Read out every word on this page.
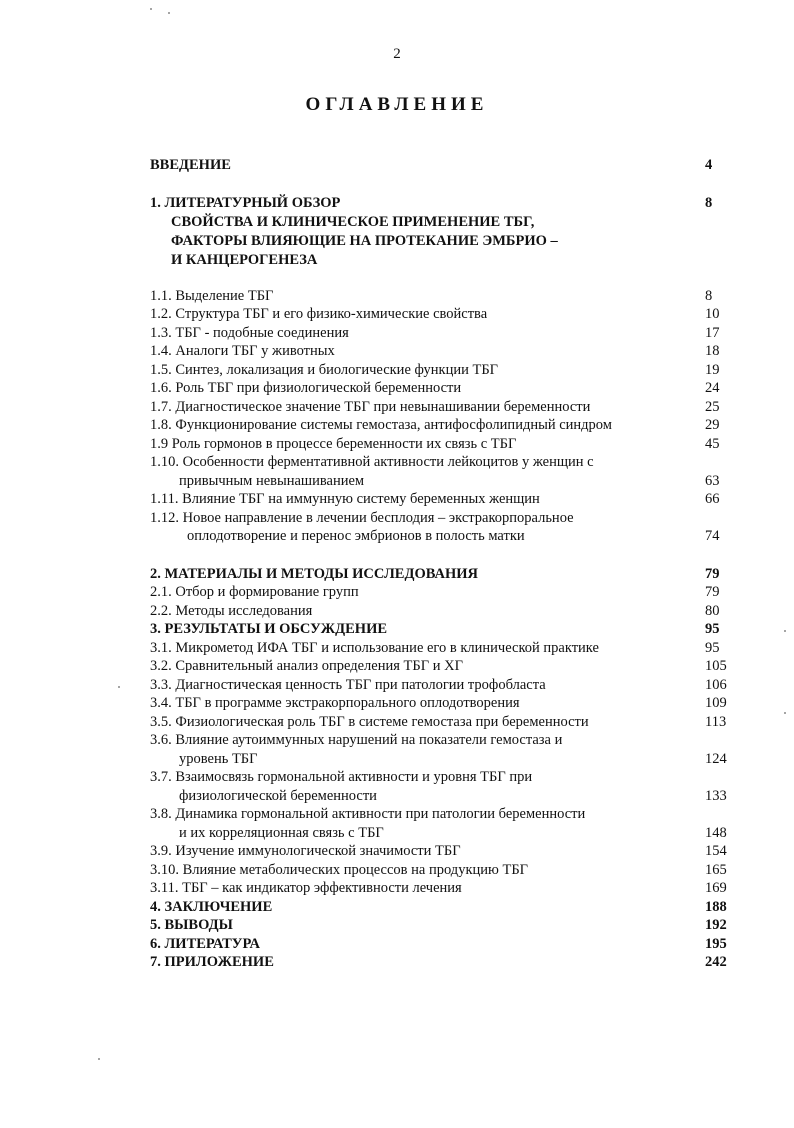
2
ОГЛАВЛЕНИЕ
ВВЕДЕНИЕ	4
1. ЛИТЕРАТУРНЫЙ ОБЗОР	8
СВОЙСТВА И КЛИНИЧЕСКОЕ ПРИМЕНЕНИЕ ТБГ,
ФАКТОРЫ ВЛИЯЮЩИЕ НА ПРОТЕКАНИЕ ЭМБРИО –
И КАНЦЕРОГЕНЕЗА
1.1. Выделение ТБГ	8
1.2. Структура ТБГ и его физико-химические свойства	10
1.3. ТБГ - подобные соединения	17
1.4. Аналоги ТБГ у животных	18
1.5. Синтез, локализация и биологические функции ТБГ	19
1.6. Роль ТБГ при физиологической беременности	24
1.7. Диагностическое значение ТБГ при невынашивании беременности	25
1.8. Функционирование системы гемостаза, антифосфолипидный синдром	29
1.9 Роль гормонов в процессе беременности их связь с ТБГ	45
1.10. Особенности ферментативной активности лейкоцитов у женщин с
привычным невынашиванием	63
1.11. Влияние ТБГ на иммунную систему беременных женщин	66
1.12. Новое направление в лечении бесплодия – экстракорпоральное
оплодотворение и перенос эмбрионов в полость матки	74
2. МАТЕРИАЛЫ И МЕТОДЫ ИССЛЕДОВАНИЯ	79
2.1. Отбор и формирование групп	79
2.2. Методы исследования	80
3. РЕЗУЛЬТАТЫ И ОБСУЖДЕНИЕ	95
3.1. Микрометод ИФА ТБГ и использование его в клинической практике	95
3.2. Сравнительный анализ определения ТБГ и ХГ	105
3.3. Диагностическая ценность ТБГ при патологии трофобласта	106
3.4. ТБГ в программе экстракорпорального оплодотворения	109
3.5. Физиологическая роль ТБГ в системе гемостаза при беременности	113
3.6. Влияние аутоиммунных нарушений на показатели гемостаза и
уровень ТБГ	124
3.7. Взаимосвязь гормональной активности и уровня ТБГ при
физиологической беременности	133
3.8. Динамика гормональной активности при патологии беременности
и их корреляционная связь с ТБГ	148
3.9. Изучение иммунологической значимости ТБГ	154
3.10. Влияние метаболических процессов на продукцию ТБГ	165
3.11. ТБГ – как индикатор эффективности лечения	169
4. ЗАКЛЮЧЕНИЕ	188
5. ВЫВОДЫ	192
6. ЛИТЕРАТУРА	195
7. ПРИЛОЖЕНИЕ	242
